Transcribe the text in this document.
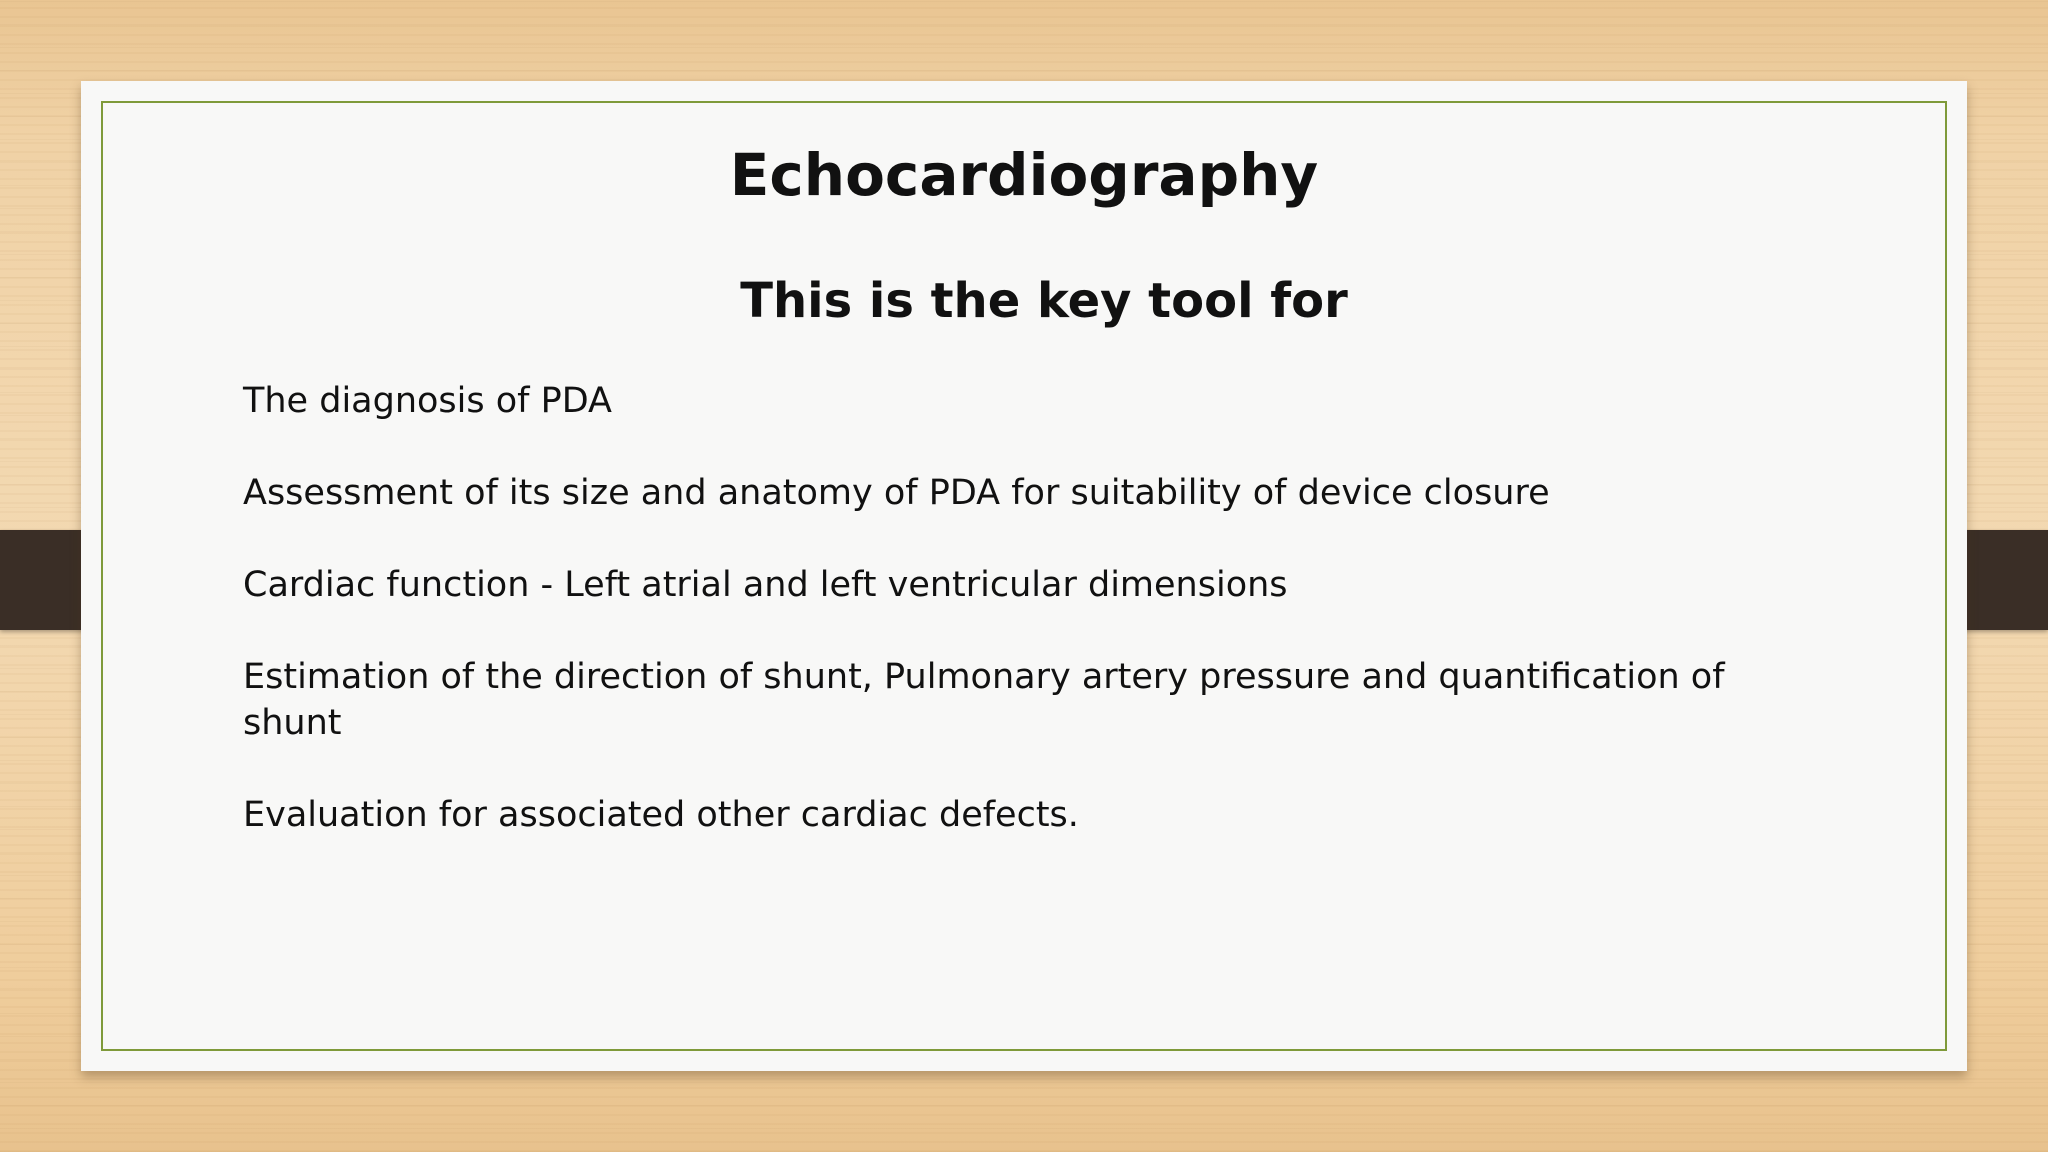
Echocardiography
This is the key tool for
The diagnosis of PDA
Assessment of its size and anatomy of PDA for suitability of device closure
Cardiac function - Left atrial and left ventricular dimensions
Estimation of the direction of shunt, Pulmonary artery pressure and quantification of shunt
Evaluation for associated other cardiac defects.
